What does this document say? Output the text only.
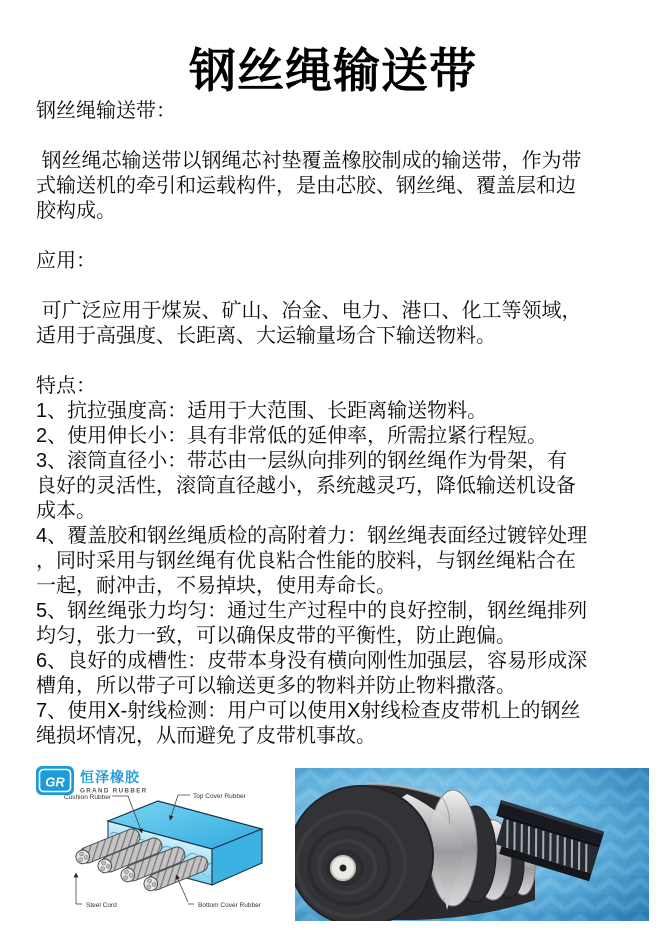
钢丝绳输送带
钢丝绳输送带：
钢丝绳芯输送带以钢绳芯衬垫覆盖橡胶制成的输送带，作为带
式输送机的牵引和运载构件，是由芯胶、钢丝绳、覆盖层和边
胶构成。
应用：
可广泛应用于煤炭、矿山、冶金、电力、港口、化工等领域，
适用于高强度、长距离、大运输量场合下输送物料。
特点：
1、抗拉强度高：适用于大范围、长距离输送物料。
2、使用伸长小：具有非常低的延伸率，所需拉紧行程短。
3、滚筒直径小：带芯由一层纵向排列的钢丝绳作为骨架，有
良好的灵活性，滚筒直径越小，系统越灵巧，降低输送机设备
成本。
4、覆盖胶和钢丝绳质检的高附着力：钢丝绳表面经过镀锌处理
，同时采用与钢丝绳有优良粘合性能的胶料，与钢丝绳粘合在
一起，耐冲击，不易掉块，使用寿命长。
5、钢丝绳张力均匀：通过生产过程中的良好控制，钢丝绳排列
均匀，张力一致，可以确保皮带的平衡性，防止跑偏。
6、良好的成槽性：皮带本身没有横向刚性加强层，容易形成深
槽角，所以带子可以输送更多的物料并防止物料撒落。
7、使用X-射线检测：用户可以使用X射线检查皮带机上的钢丝
绳损坏情况，从而避免了皮带机事故。
GR 恒泽橡胶
GRAND RUBBER
Cushion Rubber	Top Cover Rubber
Steel Cord	Bottom Cover Rubber
